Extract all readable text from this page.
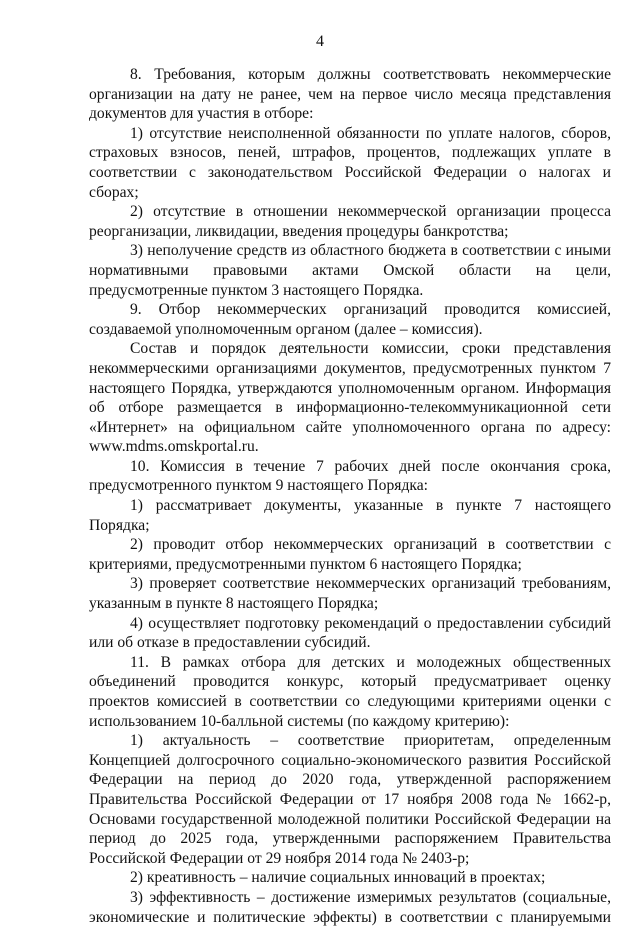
4
8. Требования, которым должны соответствовать некоммерческие
организации на дату не ранее, чем на первое число месяца представления
документов для участия в отборе:
1) отсутствие неисполненной обязанности по уплате налогов, сборов,
страховых взносов, пеней, штрафов, процентов, подлежащих уплате в
соответствии с законодательством Российской Федерации о налогах и
сборах;
2) отсутствие в отношении некоммерческой организации процесса
реорганизации, ликвидации, введения процедуры банкротства;
3) неполучение средств из областного бюджета в соответствии с иными
нормативными правовыми актами Омской области на цели,
предусмотренные пунктом 3 настоящего Порядка.
9. Отбор некоммерческих организаций проводится комиссией,
создаваемой уполномоченным органом (далее – комиссия).
Состав и порядок деятельности комиссии, сроки представления
некоммерческими организациями документов, предусмотренных пунктом 7
настоящего Порядка, утверждаются уполномоченным органом. Информация
об отборе размещается в информационно-телекоммуникационной сети
«Интернет» на официальном сайте уполномоченного органа по адресу:
www.mdms.omskportal.ru.
10. Комиссия в течение 7 рабочих дней после окончания срока,
предусмотренного пунктом 9 настоящего Порядка:
1) рассматривает документы, указанные в пункте 7 настоящего
Порядка;
2) проводит отбор некоммерческих организаций в соответствии с
критериями, предусмотренными пунктом 6 настоящего Порядка;
3) проверяет соответствие некоммерческих организаций требованиям,
указанным в пункте 8 настоящего Порядка;
4) осуществляет подготовку рекомендаций о предоставлении субсидий
или об отказе в предоставлении субсидий.
11. В рамках отбора для детских и молодежных общественных
объединений проводится конкурс, который предусматривает оценку
проектов комиссией в соответствии со следующими критериями оценки с
использованием 10-балльной системы (по каждому критерию):
1) актуальность – соответствие приоритетам, определенным
Концепцией долгосрочного социально-экономического развития Российской
Федерации на период до 2020 года, утвержденной распоряжением
Правительства Российской Федерации от 17 ноября 2008 года № 1662-р,
Основами государственной молодежной политики Российской Федерации на
период до 2025 года, утвержденными распоряжением Правительства
Российской Федерации от 29 ноября 2014 года № 2403-р;
2) креативность – наличие социальных инноваций в проектах;
3) эффективность – достижение измеримых результатов (социальные,
экономические и политические эффекты) в соответствии с планируемыми
